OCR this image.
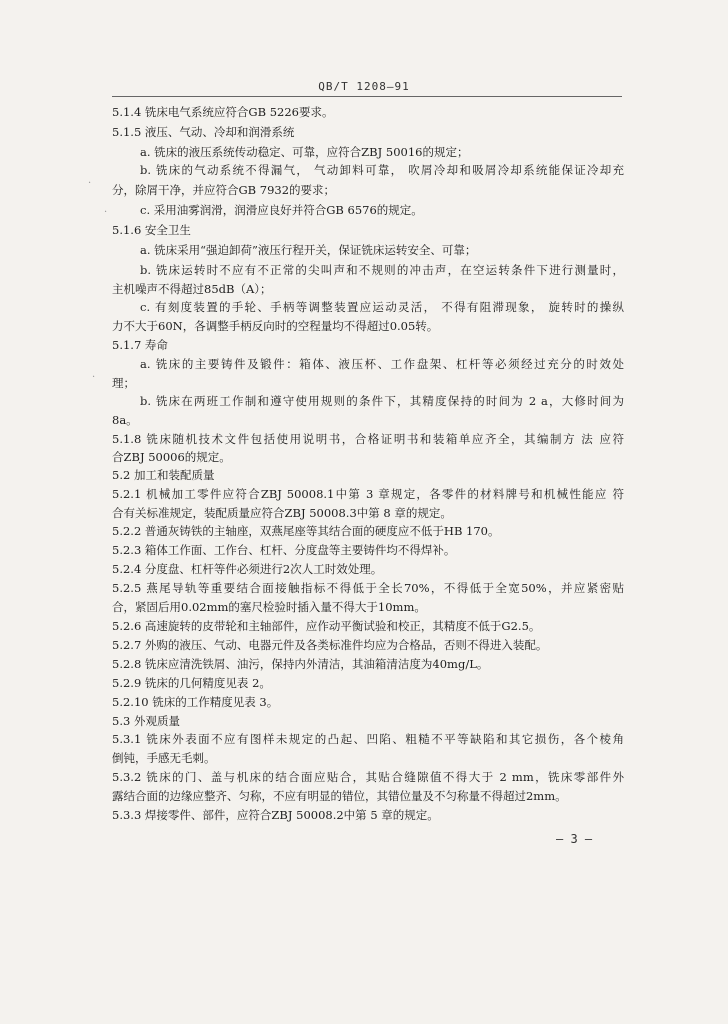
QB/T 1208—91
5.1.4 铣床电气系统应符合GB 5226要求。
5.1.5 液压、气动、冷却和润滑系统
a. 铣床的液压系统传动稳定、可靠，应符合ZBJ 50016的规定；
b. 铣床的气动系统不得漏气， 气动卸料可靠， 吹屑冷却和吸屑冷却系统能保证冷却充
分，除屑干净，并应符合GB 7932的要求；
c. 采用油雾润滑，润滑应良好并符合GB 6576的规定。
5.1.6 安全卫生
a. 铣床采用“强迫卸荷”液压行程开关，保证铣床运转安全、可靠；
b. 铣床运转时不应有不正常的尖叫声和不规则的冲击声，在空运转条件下进行测量时，
主机噪声不得超过85dB（A）；
c. 有刻度装置的手轮、手柄等调整装置应运动灵活， 不得有阻滞现象， 旋转时的操纵
力不大于60N，各调整手柄反向时的空程量均不得超过0.05转。
5.1.7 寿命
a. 铣床的主要铸件及锻件：箱体、液压杯、工作盘架、杠杆等必须经过充分的时效处
理；
b. 铣床在两班工作制和遵守使用规则的条件下，其精度保持的时间为 2 a，大修时间为
8a。
5.1.8 铣床随机技术文件包括使用说明书，合格证明书和装箱单应齐全，其编制方 法 应符
合ZBJ 50006的规定。
5.2 加工和装配质量
5.2.1 机械加工零件应符合ZBJ 50008.1中第 3 章规定，各零件的材料牌号和机械性能应 符
合有关标准规定，装配质量应符合ZBJ 50008.3中第 8 章的规定。
5.2.2 普通灰铸铁的主轴座，双燕尾座等其结合面的硬度应不低于HB 170。
5.2.3 箱体工作面、工作台、杠杆、分度盘等主要铸件均不得焊补。
5.2.4 分度盘、杠杆等件必须进行2次人工时效处理。
5.2.5 燕尾导轨等重要结合面接触指标不得低于全长70%，不得低于全宽50%，并应紧密贴
合，紧固后用0.02mm的塞尺检验时插入量不得大于10mm。
5.2.6 高速旋转的皮带轮和主轴部件，应作动平衡试验和校正，其精度不低于G2.5。
5.2.7 外购的液压、气动、电器元件及各类标准件均应为合格品，否则不得进入装配。
5.2.8 铣床应清洗铁屑、油污，保持内外清洁，其油箱清洁度为40mg/L。
5.2.9 铣床的几何精度见表 2。
5.2.10 铣床的工作精度见表 3。
5.3 外观质量
5.3.1 铣床外表面不应有图样未规定的凸起、凹陷、粗糙不平等缺陷和其它损伤，各个棱角
倒钝，手感无毛刺。
5.3.2 铣床的门、盖与机床的结合面应贴合，其贴合缝隙值不得大于 2 mm，铣床零部件外
露结合面的边缘应整齐、匀称，不应有明显的错位，其错位量及不匀称量不得超过2mm。
5.3.3 焊接零件、部件，应符合ZBJ 50008.2中第 5 章的规定。
— 3 —
·
·
·
